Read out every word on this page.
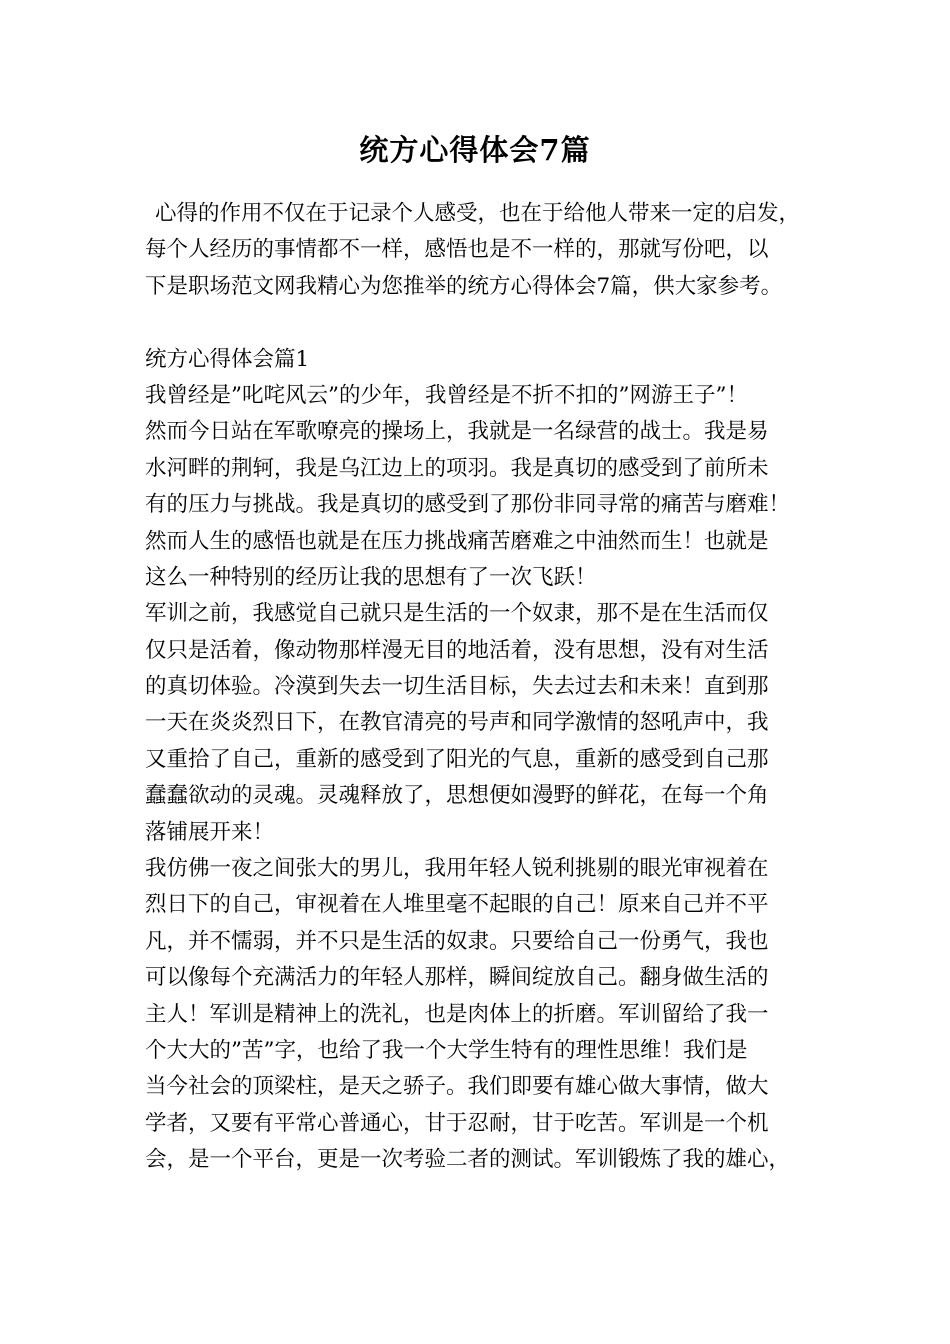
统方心得体会7篇
心得的作用不仅在于记录个人感受，也在于给他人带来一定的启发，
每个人经历的事情都不一样，感悟也是不一样的，那就写份吧，以
下是职场范文网我精心为您推举的统方心得体会7篇，供大家参考。
统方心得体会篇1
我曾经是”叱咤风云”的少年，我曾经是不折不扣的”网游王子”！
然而今日站在军歌嘹亮的操场上，我就是一名绿营的战士。我是易
水河畔的荆轲，我是乌江边上的项羽。我是真切的感受到了前所未
有的压力与挑战。我是真切的感受到了那份非同寻常的痛苦与磨难！
然而人生的感悟也就是在压力挑战痛苦磨难之中油然而生！也就是
这么一种特别的经历让我的思想有了一次飞跃！
军训之前，我感觉自己就只是生活的一个奴隶，那不是在生活而仅
仅只是活着，像动物那样漫无目的地活着，没有思想，没有对生活
的真切体验。冷漠到失去一切生活目标，失去过去和未来！直到那
一天在炎炎烈日下，在教官清亮的号声和同学激情的怒吼声中，我
又重拾了自己，重新的感受到了阳光的气息，重新的感受到自己那
蠢蠢欲动的灵魂。灵魂释放了，思想便如漫野的鲜花，在每一个角
落铺展开来！
我仿佛一夜之间张大的男儿，我用年轻人锐利挑剔的眼光审视着在
烈日下的自己，审视着在人堆里毫不起眼的自己！原来自己并不平
凡，并不懦弱，并不只是生活的奴隶。只要给自己一份勇气，我也
可以像每个充满活力的年轻人那样，瞬间绽放自己。翻身做生活的
主人！军训是精神上的洗礼，也是肉体上的折磨。军训留给了我一
个大大的”苦”字，也给了我一个大学生特有的理性思维！我们是
当今社会的顶梁柱，是天之骄子。我们即要有雄心做大事情，做大
学者，又要有平常心普通心，甘于忍耐，甘于吃苦。军训是一个机
会，是一个平台，更是一次考验二者的测试。军训锻炼了我的雄心，
